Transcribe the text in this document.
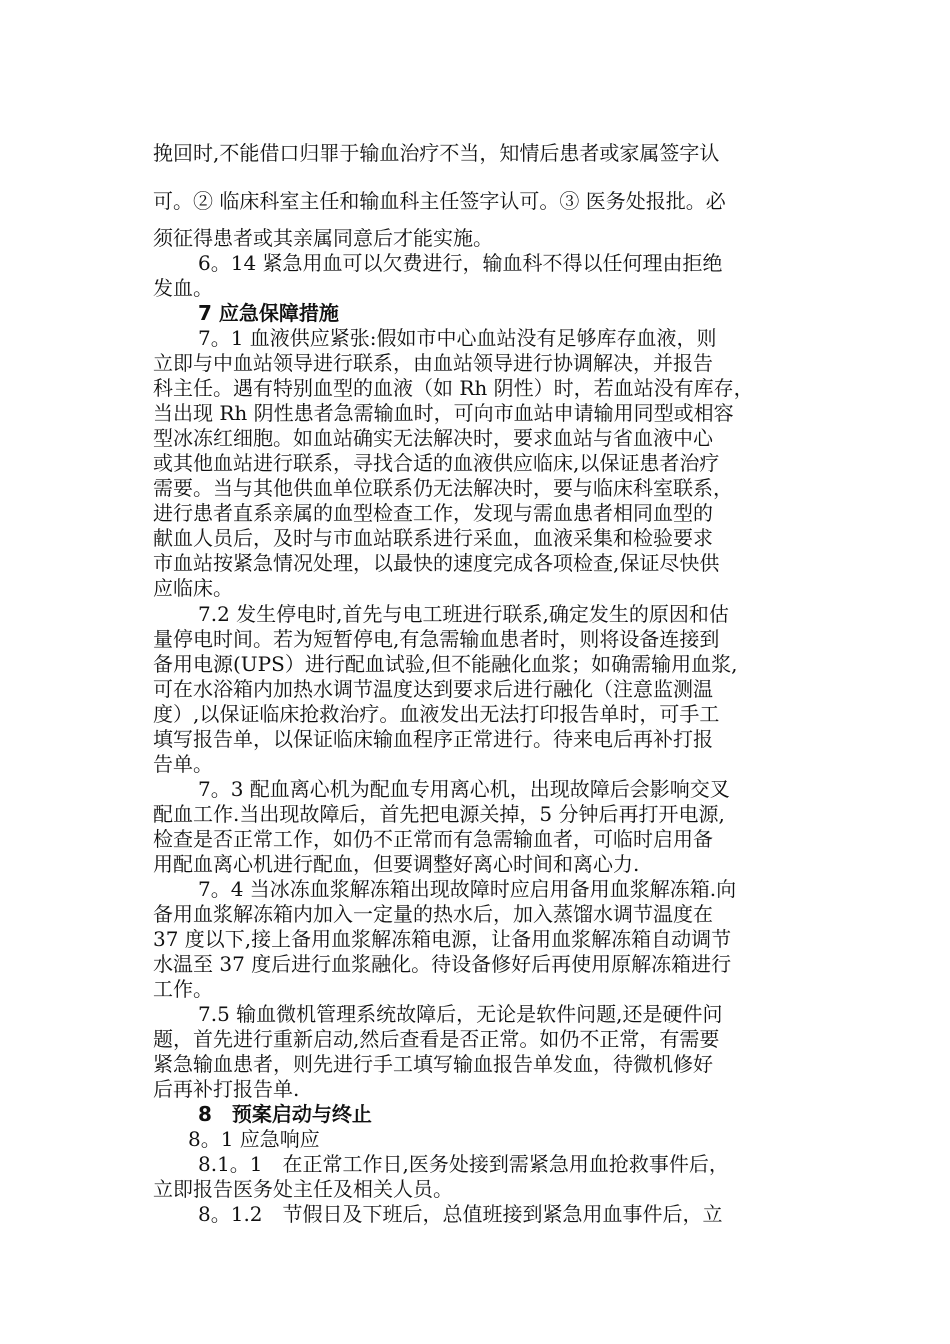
挽回时,不能借口归罪于输血治疗不当，知情后患者或家属签字认
可。② 临床科室主任和输血科主任签字认可。③ 医务处报批。必
须征得患者或其亲属同意后才能实施。
6。14 紧急用血可以欠费进行，输血科不得以任何理由拒绝
发血。
7 应急保障措施
7。1 血液供应紧张:假如市中心血站没有足够库存血液，则
立即与中血站领导进行联系，由血站领导进行协调解决，并报告
科主任。遇有特别血型的血液（如 Rh 阴性）时，若血站没有库存，
当出现 Rh 阴性患者急需输血时，可向市血站申请输用同型或相容
型冰冻红细胞。如血站确实无法解决时，要求血站与省血液中心
或其他血站进行联系，寻找合适的血液供应临床,以保证患者治疗
需要。当与其他供血单位联系仍无法解决时，要与临床科室联系，
进行患者直系亲属的血型检查工作，发现与需血患者相同血型的
献血人员后，及时与市血站联系进行采血，血液采集和检验要求
市血站按紧急情况处理，以最快的速度完成各项检查,保证尽快供
应临床。
7.2 发生停电时,首先与电工班进行联系,确定发生的原因和估
量停电时间。若为短暂停电,有急需输血患者时，则将设备连接到
备用电源(UPS）进行配血试验,但不能融化血浆；如确需输用血浆,
可在水浴箱内加热水调节温度达到要求后进行融化（注意监测温
度）,以保证临床抢救治疗。血液发出无法打印报告单时，可手工
填写报告单，以保证临床输血程序正常进行。待来电后再补打报
告单。
7。3 配血离心机为配血专用离心机，出现故障后会影响交叉
配血工作.当出现故障后，首先把电源关掉，5 分钟后再打开电源,
检查是否正常工作，如仍不正常而有急需输血者，可临时启用备
用配血离心机进行配血，但要调整好离心时间和离心力.
7。4 当冰冻血浆解冻箱出现故障时应启用备用血浆解冻箱.向
备用血浆解冻箱内加入一定量的热水后，加入蒸馏水调节温度在
37 度以下,接上备用血浆解冻箱电源，让备用血浆解冻箱自动调节
水温至 37 度后进行血浆融化。待设备修好后再使用原解冻箱进行
工作。
7.5 输血微机管理系统故障后，无论是软件问题,还是硬件问
题，首先进行重新启动,然后查看是否正常。如仍不正常，有需要
紧急输血患者，则先进行手工填写输血报告单发血，待微机修好
后再补打报告单.
8　预案启动与终止
8。1 应急响应
8.1。1　在正常工作日,医务处接到需紧急用血抢救事件后，
立即报告医务处主任及相关人员。
8。1.2　节假日及下班后，总值班接到紧急用血事件后，立
